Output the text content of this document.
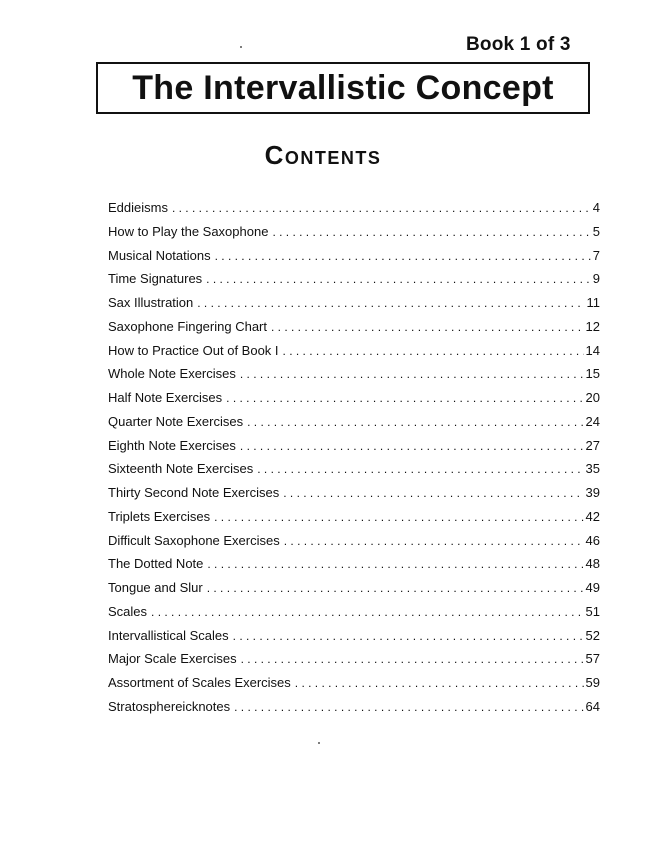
Book 1 of 3
The Intervallistic Concept
Contents
Eddieisms . . .	4
How to Play the Saxophone . . .	5
Musical Notations . . .	7
Time Signatures . . .	9
Sax Illustration . . .	11
Saxophone Fingering Chart . . .	12
How to Practice Out of Book I . . .	14
Whole Note Exercises . . .	15
Half Note Exercises . . .	20
Quarter Note Exercises . . .	24
Eighth Note Exercises . . .	27
Sixteenth Note Exercises . . .	35
Thirty Second Note Exercises . . .	39
Triplets Exercises . . .	42
Difficult Saxophone Exercises . . .	46
The Dotted Note . . .	48
Tongue and Slur . . .	49
Scales . . .	51
Intervallistical Scales . . .	52
Major Scale Exercises . . .	57
Assortment of Scales Exercises . . .	59
Stratosphereicknotes . . .	64
